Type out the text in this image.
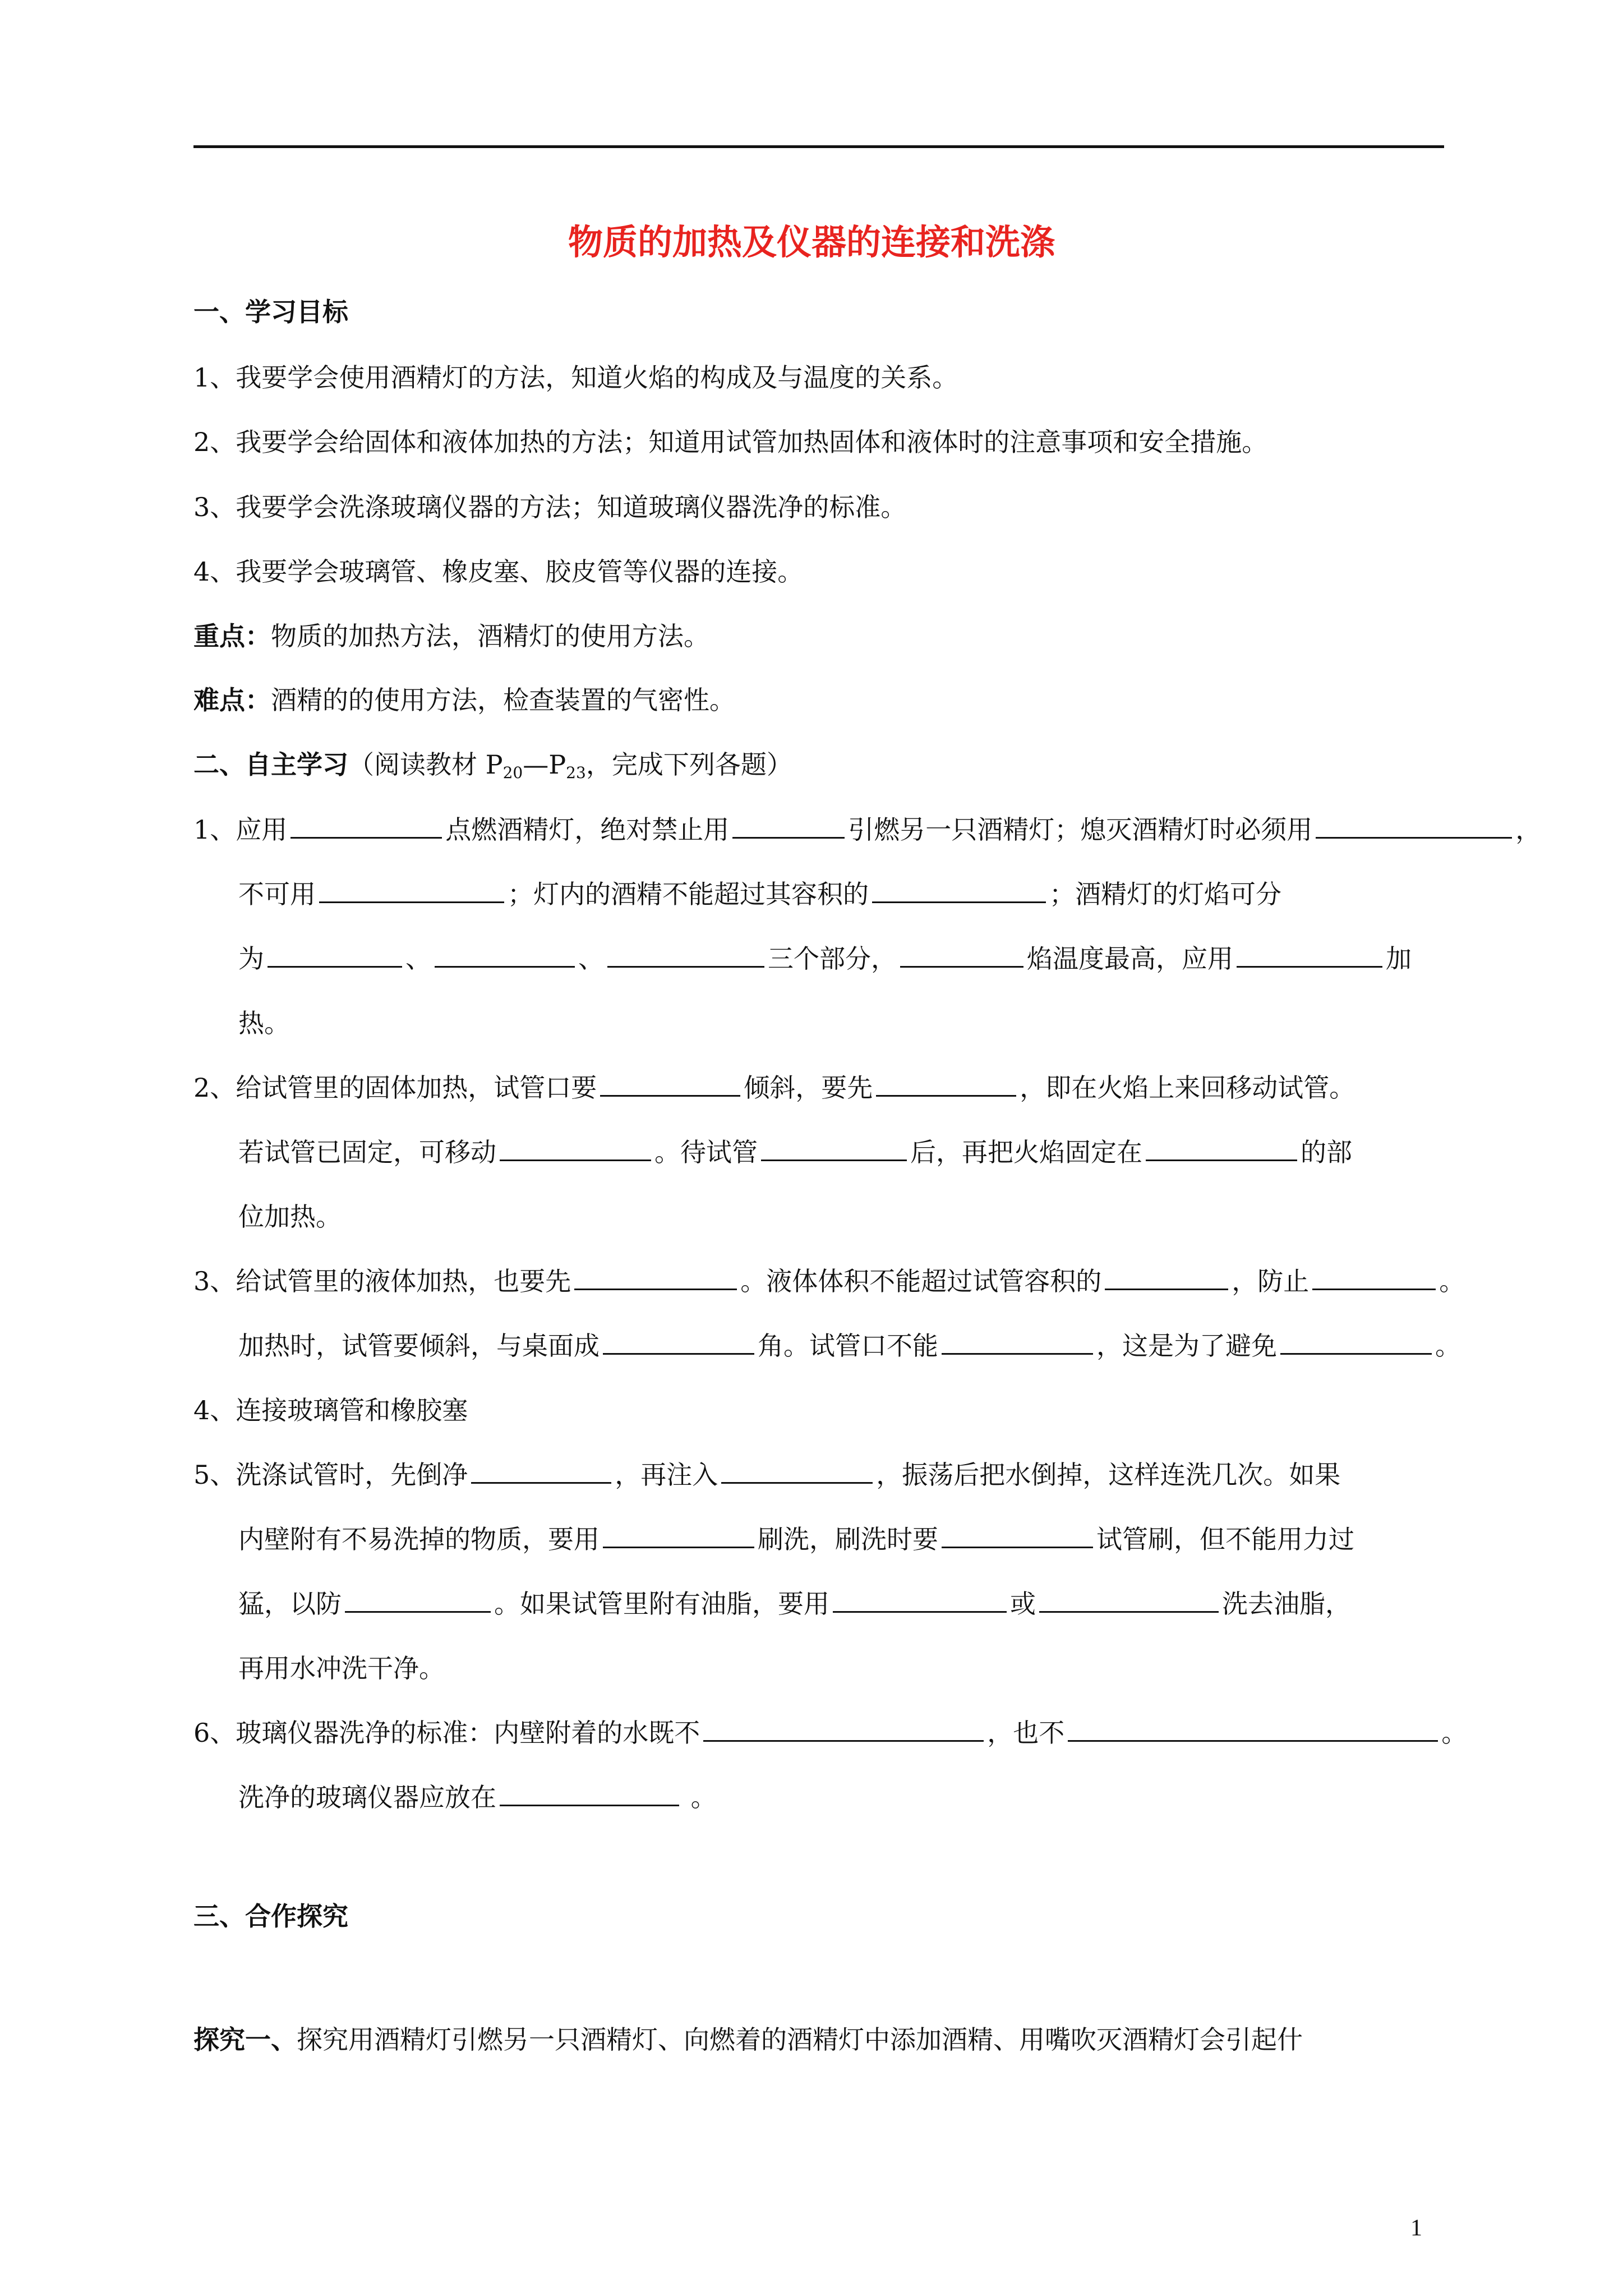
物质的加热及仪器的连接和洗涤
一、学习目标
1、我要学会使用酒精灯的方法，知道火焰的构成及与温度的关系。
2、我要学会给固体和液体加热的方法；知道用试管加热固体和液体时的注意事项和安全措施。
3、我要学会洗涤玻璃仪器的方法；知道玻璃仪器洗净的标准。
4、我要学会玻璃管、橡皮塞、胶皮管等仪器的连接。
重点：物质的加热方法，酒精灯的使用方法。
难点：酒精的的使用方法，检查装置的气密性。
二、自主学习（阅读教材 $P_{20}—P_{23}$，完成下列各题）
1、应用	点燃酒精灯，绝对禁止用	引燃另一只酒精灯；熄灭酒精灯时必须用	，
不可用	；灯内的酒精不能超过其容积的	；酒精灯的灯焰可分
为	、	、	三个部分，	焰温度最高，应用	加
热。
2、给试管里的固体加热，试管口要	倾斜，要先	，即在火焰上来回移动试管。
若试管已固定，可移动	。待试管	后，再把火焰固定在	的部
位加热。
3、给试管里的液体加热，也要先	。液体体积不能超过试管容积的	，防止	。
加热时，试管要倾斜，与桌面成	角。试管口不能	，这是为了避免	。
4、连接玻璃管和橡胶塞
5、洗涤试管时，先倒净	，再注入	，振荡后把水倒掉，这样连洗几次。如果
内壁附有不易洗掉的物质，要用	刷洗，刷洗时要	试管刷，但不能用力过
猛，以防	。如果试管里附有油脂，要用	或	洗去油脂，
再用水冲洗干净。
6、玻璃仪器洗净的标准：内壁附着的水既不	，也不	。
洗净的玻璃仪器应放在	。
三、合作探究
探究一、探究用酒精灯引燃另一只酒精灯、向燃着的酒精灯中添加酒精、用嘴吹灭酒精灯会引起什
1
